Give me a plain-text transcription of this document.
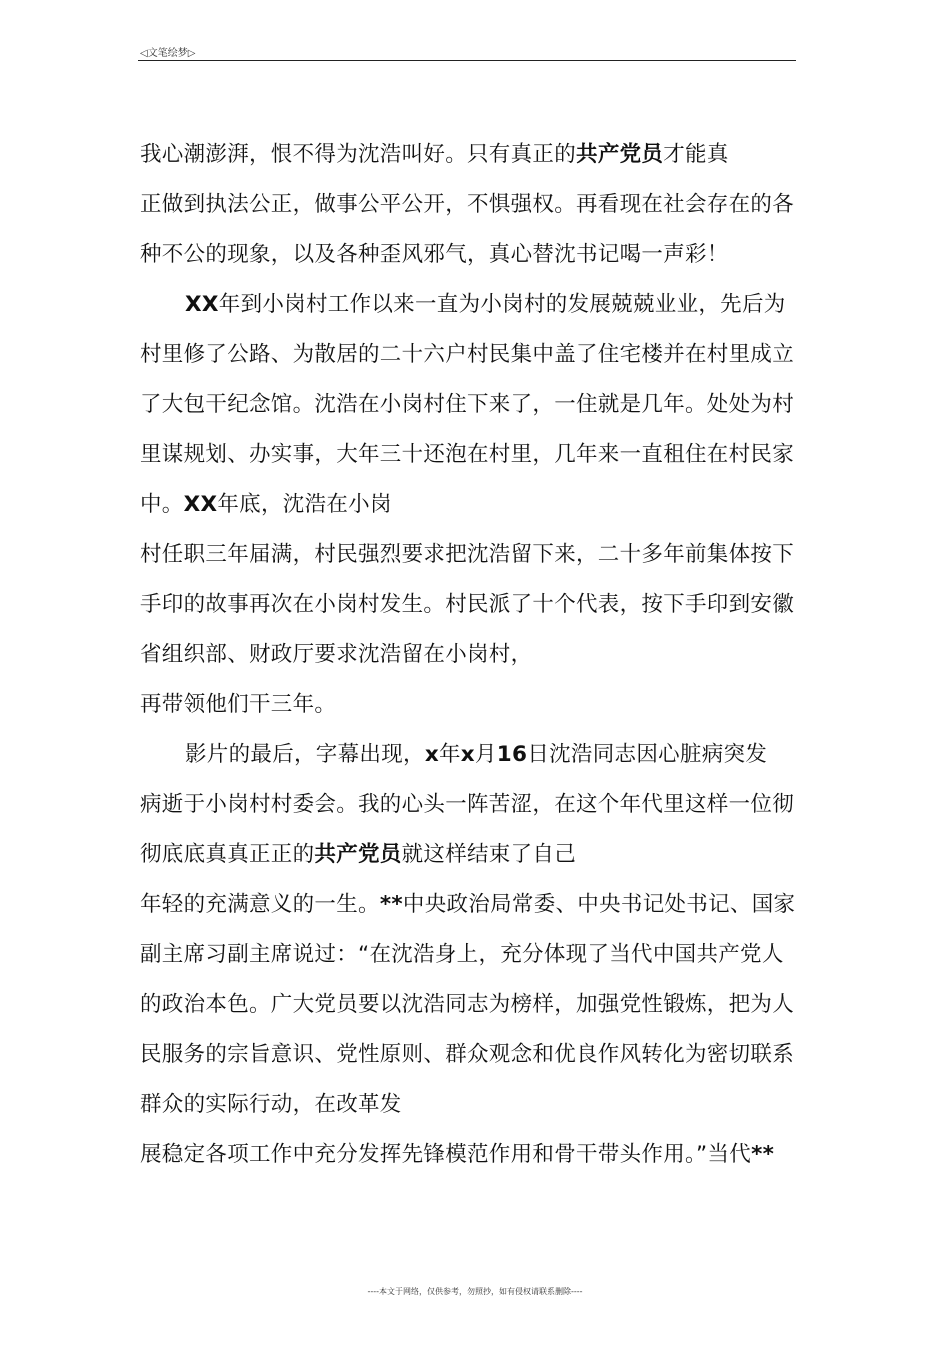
◁文笔绘梦▷
我心潮澎湃，恨不得为沈浩叫好。只有真正的共产党员才能真
正做到执法公正，做事公平公开，不惧强权。再看现在社会存在的各
种不公的现象，以及各种歪风邪气，真心替沈书记喝一声彩！
XX年到小岗村工作以来一直为小岗村的发展兢兢业业，先后为
村里修了公路、为散居的二十六户村民集中盖了住宅楼并在村里成立
了大包干纪念馆。沈浩在小岗村住下来了，一住就是几年。处处为村
里谋规划、办实事，大年三十还泡在村里，几年来一直租住在村民家
中。XX年底，沈浩在小岗
村任职三年届满，村民强烈要求把沈浩留下来，二十多年前集体按下
手印的故事再次在小岗村发生。村民派了十个代表，按下手印到安徽
省组织部、财政厅要求沈浩留在小岗村，
再带领他们干三年。
影片的最后，字幕出现，x年x月16日沈浩同志因心脏病突发
病逝于小岗村村委会。我的心头一阵苦涩，在这个年代里这样一位彻
彻底底真真正正的共产党员就这样结束了自己
年轻的充满意义的一生。**中央政治局常委、中央书记处书记、国家
副主席习副主席说过：“在沈浩身上，充分体现了当代中国共产党人
的政治本色。广大党员要以沈浩同志为榜样，加强党性锻炼，把为人
民服务的宗旨意识、党性原则、群众观念和优良作风转化为密切联系
群众的实际行动，在改革发
展稳定各项工作中充分发挥先锋模范作用和骨干带头作用。”当代**
----本文于网络，仅供参考，勿照抄，如有侵权请联系删除----
